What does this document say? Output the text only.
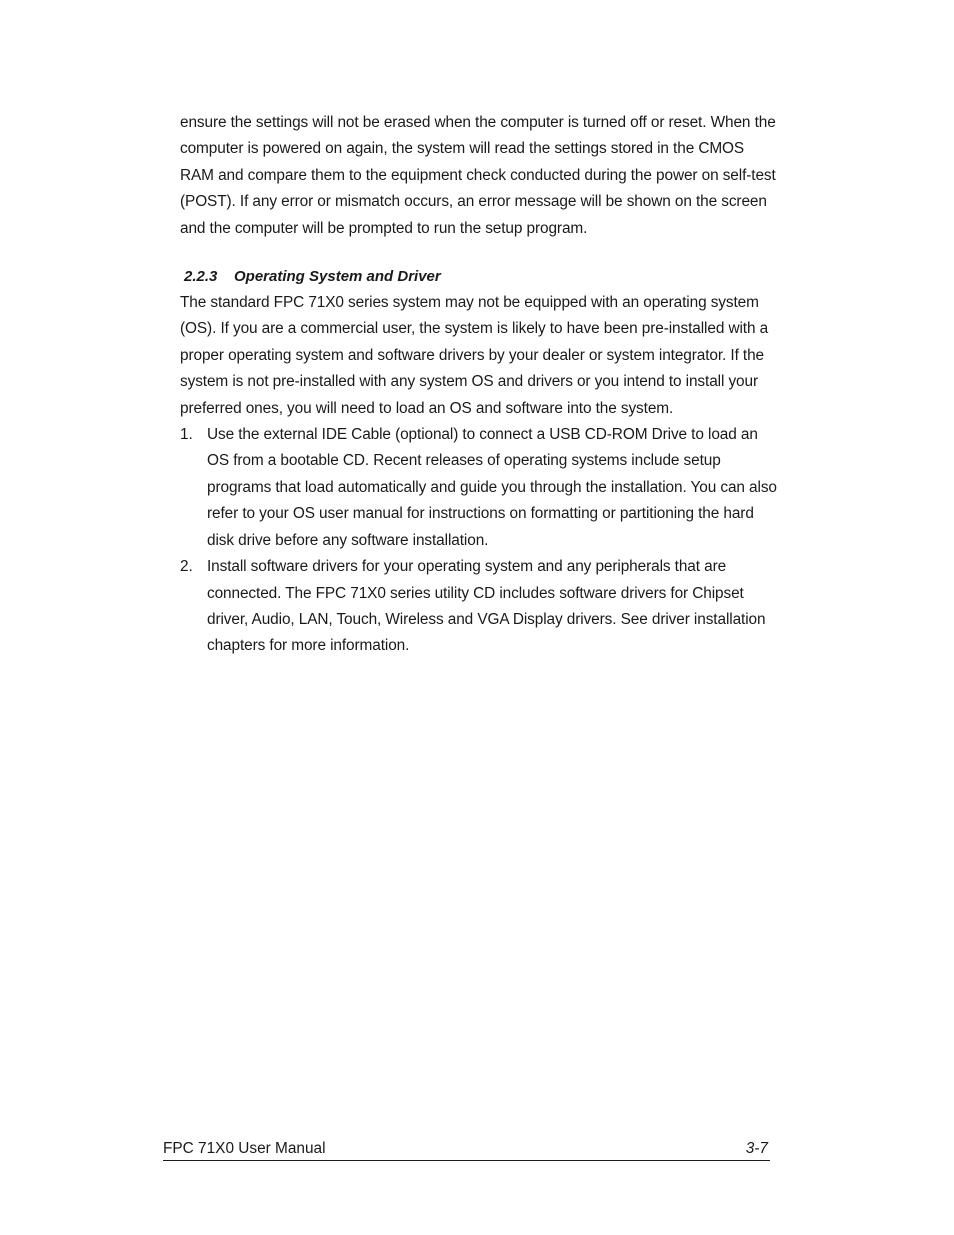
ensure the settings will not be erased when the computer is turned off or reset. When the computer is powered on again, the system will read the settings stored in the CMOS RAM and compare them to the equipment check conducted during the power on self-test (POST). If any error or mismatch occurs, an error message will be shown on the screen and the computer will be prompted to run the setup program.

2.2.3 Operating System and Driver

The standard FPC 71X0 series system may not be equipped with an operating system (OS). If you are a commercial user, the system is likely to have been pre-installed with a proper operating system and software drivers by your dealer or system integrator. If the system is not pre-installed with any system OS and drivers or you intend to install your preferred ones, you will need to load an OS and software into the system.

1. Use the external IDE Cable (optional) to connect a USB CD-ROM Drive to load an OS from a bootable CD. Recent releases of operating systems include setup programs that load automatically and guide you through the installation. You can also refer to your OS user manual for instructions on formatting or partitioning the hard disk drive before any software installation.
2. Install software drivers for your operating system and any peripherals that are connected. The FPC 71X0 series utility CD includes software drivers for Chipset driver, Audio, LAN, Touch, Wireless and VGA Display drivers. See driver installation chapters for more information.
FPC 71X0 User Manual	3-7
